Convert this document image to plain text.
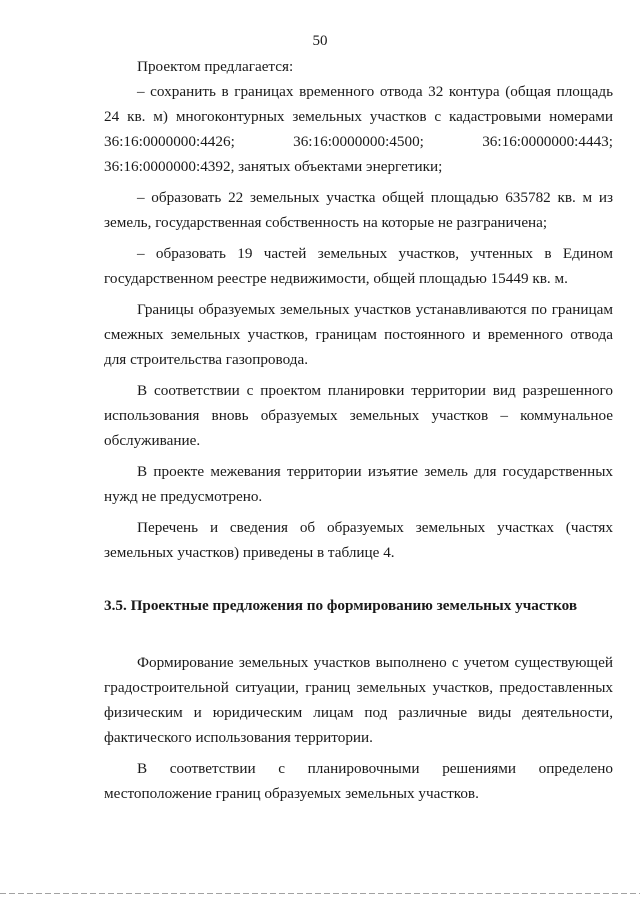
50

Проектом предлагается:

– сохранить в границах временного отвода 32 контура (общая площадь

24 кв. м) многоконтурных земельных участков с кадастровыми номерами

36:16:0000000:4426;	36:16:0000000:4500;	36:16:0000000:4443;

36:16:0000000:4392, занятых объектами энергетики;

– образовать 22 земельных участка общей площадью 635782 кв. м из земель, государственная собственность на которые не разграничена;

– образовать 19 частей земельных участков, учтенных в Едином государственном реестре недвижимости, общей площадью 15449 кв. м.

Границы образуемых земельных участков устанавливаются по границам смежных земельных участков, границам постоянного и временного отвода для строительства газопровода.

В соответствии с проектом планировки территории вид разрешенного использования вновь образуемых земельных участков – коммунальное обслуживание.

В проекте межевания территории изъятие земель для государственных нужд не предусмотрено.

Перечень и сведения об образуемых земельных участках (частях земельных участков) приведены в таблице 4.

3.5. Проектные предложения по формированию земельных участков

Формирование земельных участков выполнено с учетом существующей градостроительной ситуации, границ земельных участков, предоставленных физическим и юридическим лицам под различные виды деятельности, фактического использования территории.

В соответствии с планировочными решениями определено местоположение границ образуемых земельных участков.
